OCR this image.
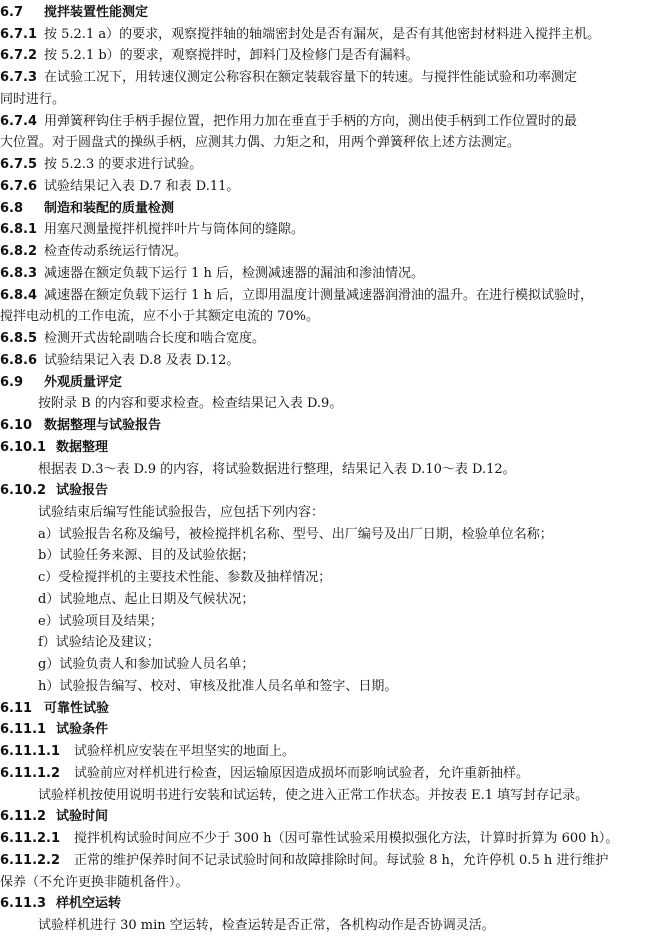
6.7 搅拌装置性能测定
6.7.1 按 5.2.1 a）的要求，观察搅拌轴的轴端密封处是否有漏灰，是否有其他密封材料进入搅拌主机。
6.7.2 按 5.2.1 b）的要求，观察搅拌时，卸料门及检修门是否有漏料。
6.7.3 在试验工况下，用转速仪测定公称容积在额定装载容量下的转速。与搅拌性能试验和功率测定
同时进行。
6.7.4 用弹簧秤钩住手柄手握位置，把作用力加在垂直于手柄的方向，测出使手柄到工作位置时的最
大位置。对于圆盘式的操纵手柄，应测其力偶、力矩之和，用两个弹簧秤依上述方法测定。
6.7.5 按 5.2.3 的要求进行试验。
6.7.6 试验结果记入表 D.7 和表 D.11。
6.8 制造和装配的质量检测
6.8.1 用塞尺测量搅拌机搅拌叶片与筒体间的缝隙。
6.8.2 检查传动系统运行情况。
6.8.3 减速器在额定负载下运行 1 h 后，检测减速器的漏油和渗油情况。
6.8.4 减速器在额定负载下运行 1 h 后，立即用温度计测量减速器润滑油的温升。在进行模拟试验时，
搅拌电动机的工作电流，应不小于其额定电流的 70%。
6.8.5 检测开式齿轮副啮合长度和啮合宽度。
6.8.6 试验结果记入表 D.8 及表 D.12。
6.9 外观质量评定
按附录 B 的内容和要求检查。检查结果记入表 D.9。
6.10 数据整理与试验报告
6.10.1 数据整理
根据表 D.3～表 D.9 的内容，将试验数据进行整理，结果记入表 D.10～表 D.12。
6.10.2 试验报告
试验结束后编写性能试验报告，应包括下列内容：
a）试验报告名称及编号，被检搅拌机名称、型号、出厂编号及出厂日期，检验单位名称；
b）试验任务来源、目的及试验依据；
c）受检搅拌机的主要技术性能、参数及抽样情况；
d）试验地点、起止日期及气候状况；
e）试验项目及结果；
f）试验结论及建议；
g）试验负责人和参加试验人员名单；
h）试验报告编写、校对、审核及批准人员名单和签字、日期。
6.11 可靠性试验
6.11.1 试验条件
6.11.1.1 试验样机应安装在平坦坚实的地面上。
6.11.1.2 试验前应对样机进行检查，因运输原因造成损坏而影响试验者，允许重新抽样。
试验样机按使用说明书进行安装和试运转，使之进入正常工作状态。并按表 E.1 填写封存记录。
6.11.2 试验时间
6.11.2.1 搅拌机构试验时间应不少于 300 h（因可靠性试验采用模拟强化方法，计算时折算为 600 h）。
6.11.2.2 正常的维护保养时间不记录试验时间和故障排除时间。每试验 8 h，允许停机 0.5 h 进行维护
保养（不允许更换非随机备件）。
6.11.3 样机空运转
试验样机进行 30 min 空运转，检查运转是否正常，各机构动作是否协调灵活。
